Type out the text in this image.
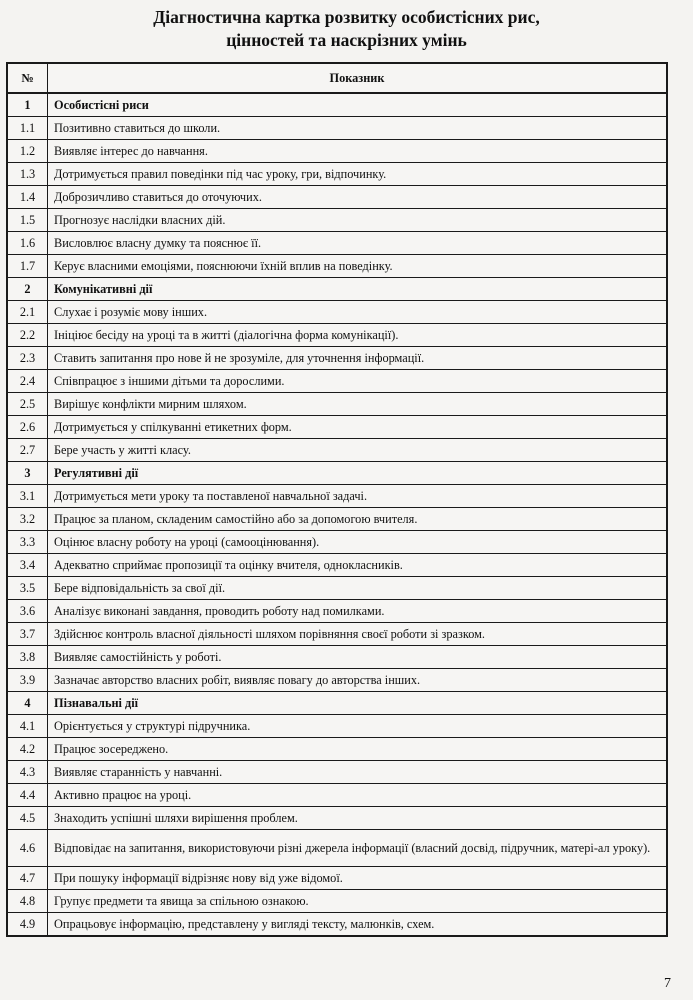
Діагностична картка розвитку особистісних рис,
цінностей та наскрізних умінь
№	Показник
1	Особистісні риси
1.1	Позитивно ставиться до школи.
1.2	Виявляє інтерес до навчання.
1.3	Дотримується правил поведінки під час уроку, гри, відпочинку.
1.4	Доброзичливо ставиться до оточуючих.
1.5	Прогнозує наслідки власних дій.
1.6	Висловлює власну думку та пояснює її.
1.7	Керує власними емоціями, пояснюючи їхній вплив на поведінку.
2	Комунікативні дії
2.1	Слухає і розуміє мову інших.
2.2	Ініціює бесіду на уроці та в житті (діалогічна форма комунікації).
2.3	Ставить запитання про нове й не зрозуміле, для уточнення інформації.
2.4	Співпрацює з іншими дітьми та дорослими.
2.5	Вирішує конфлікти мирним шляхом.
2.6	Дотримується у спілкуванні етикетних форм.
2.7	Бере участь у житті класу.
3	Регулятивні дії
3.1	Дотримується мети уроку та поставленої навчальної задачі.
3.2	Працює за планом, складеним самостійно або за допомогою вчителя.
3.3	Оцінює власну роботу на уроці (самооцінювання).
3.4	Адекватно сприймає пропозиції та оцінку вчителя, однокласників.
3.5	Бере відповідальність за свої дії.
3.6	Аналізує виконані завдання, проводить роботу над помилками.
3.7	Здійснює контроль власної діяльності шляхом порівняння своєї роботи зі зразком.
3.8	Виявляє самостійність у роботі.
3.9	Зазначає авторство власних робіт, виявляє повагу до авторства інших.
4	Пізнавальні дії
4.1	Орієнтується у структурі підручника.
4.2	Працює зосереджено.
4.3	Виявляє старанність у навчанні.
4.4	Активно працює на уроці.
4.5	Знаходить успішні шляхи вирішення проблем.
4.6	Відповідає на запитання, використовуючи різні джерела інформації (власний досвід, підручник, матері-ал уроку).
4.7	При пошуку інформації відрізняє нову від уже відомої.
4.8	Групує предмети та явища за спільною ознакою.
4.9	Опрацьовує інформацію, представлену у вигляді тексту, малюнків, схем.
7
